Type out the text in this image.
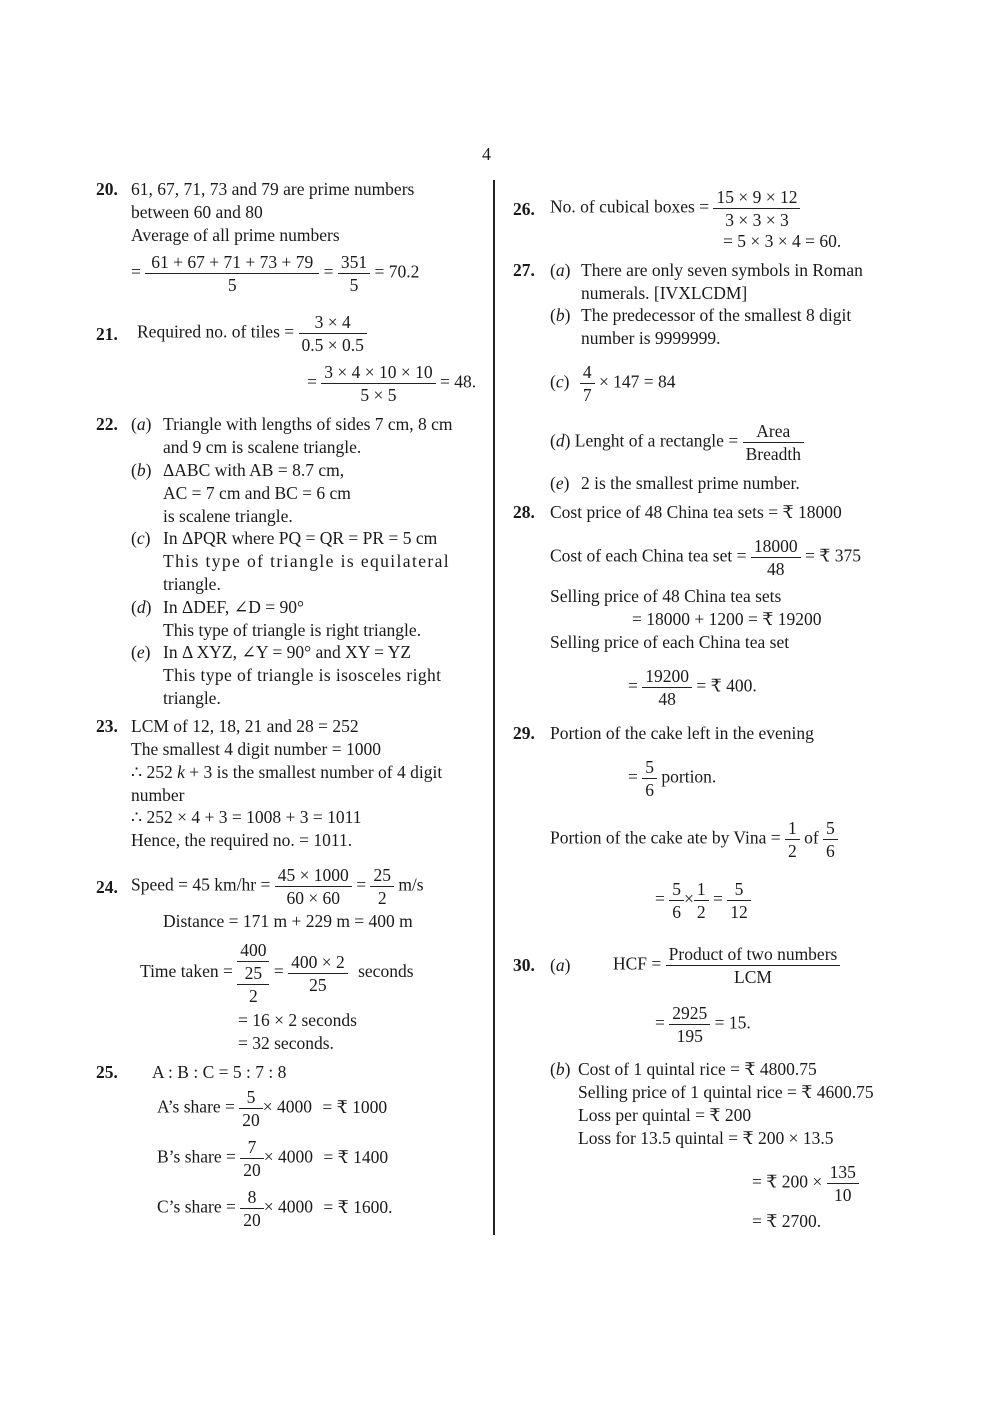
4
20. 61, 67, 71, 73 and 79 are prime numbers
between 60 and 80
Average of all prime numbers
= $\frac{61 + 67 + 71 + 73 + 79}{5} = \frac{351}{5} = 70.2$
21. Required no. of tiles = $\frac{3 \times 4}{0.5 \times 0.5}$
= $\frac{3 \times 4 \times 10 \times 10}{5 \times 5} = 48$.
22. (a) Triangle with lengths of sides 7 cm, 8 cm
and 9 cm is scalene triangle.
(b) ΔABC with AB = 8.7 cm,
AC = 7 cm and BC = 6 cm
is scalene triangle.
(c) In ΔPQR where PQ = QR = PR = 5 cm
This type of triangle is equilateral
triangle.
(d) In ΔDEF, ∠D = 90°
This type of triangle is right triangle.
(e) In Δ XYZ, ∠Y = 90° and XY = YZ
This type of triangle is isosceles right
triangle.
23. LCM of 12, 18, 21 and 28 = 252
The smallest 4 digit number = 1000
∴ 252 k + 3 is the smallest number of 4 digit
number
∴ 252 × 4 + 3 = 1008 + 3 = 1011
Hence, the required no. = 1011.
24. Speed = 45 $km/hr = \frac{45 \times 1000}{60 \times 60} = \frac{25}{2} m/s$
Distance = 171 m + 229 m = 400 m
Time taken =
400
25
2
= $\frac{400 \times 2}{25}$ seconds
= 16 × 2 seconds
= 32 seconds.
25. A : B : C = 5 : 7 : 8
A’s share = $\frac{5}{20} \times 4000$ = ₹ 1000
B’s share = $\frac{7}{20} \times 4000$ = ₹ 1400
C’s share = $\frac{8}{20} \times 4000$ = ₹ 1600.
26. No. of cubical boxes = $\frac{15 \times 9 \times 12}{3 \times 3 \times 3}$
= 5 × 3 × 4 = 60.
27. (a) There are only seven symbols in Roman
numerals. [IVXLCDM]
(b) The predecessor of the smallest 8 digit
number is 9999999.
$(c) \frac{4}{7} \times 147 = 84$
(d) Lenght of a rectangle = $\frac{\text{Area}}{\text{Breadth}}$
(e) 2 is the smallest prime number.
28. Cost price of 48 China tea sets = ₹ 18000
Cost of each China tea set = $\frac{18000}{48}$ = ₹ 375
Selling price of 48 China tea sets
= 18000 + 1200 = ₹ 19200
Selling price of each China tea set
= $\frac{19200}{48}$ = ₹ 400.
29. Portion of the cake left in the evening
= $\frac{5}{6}$ portion.
Portion of the cake ate by Vina = $\frac{1}{2}$ of $\frac{5}{6}$
= $\frac{5}{6} \times \frac{1}{2} = \frac{5}{12}$
30. (a) HCF = $\frac{\text{Product of two numbers}}{\text{LCM}}$
= $\frac{2925}{195} = 15$.
(b) Cost of 1 quintal rice = ₹ 4800.75
Selling price of 1 quintal rice = ₹ 4600.75
Loss per quintal = ₹ 200
Loss for 13.5 quintal = ₹ 200 × 13.5
= ₹ $200 \times \frac{135}{10}$
= ₹ 2700.
